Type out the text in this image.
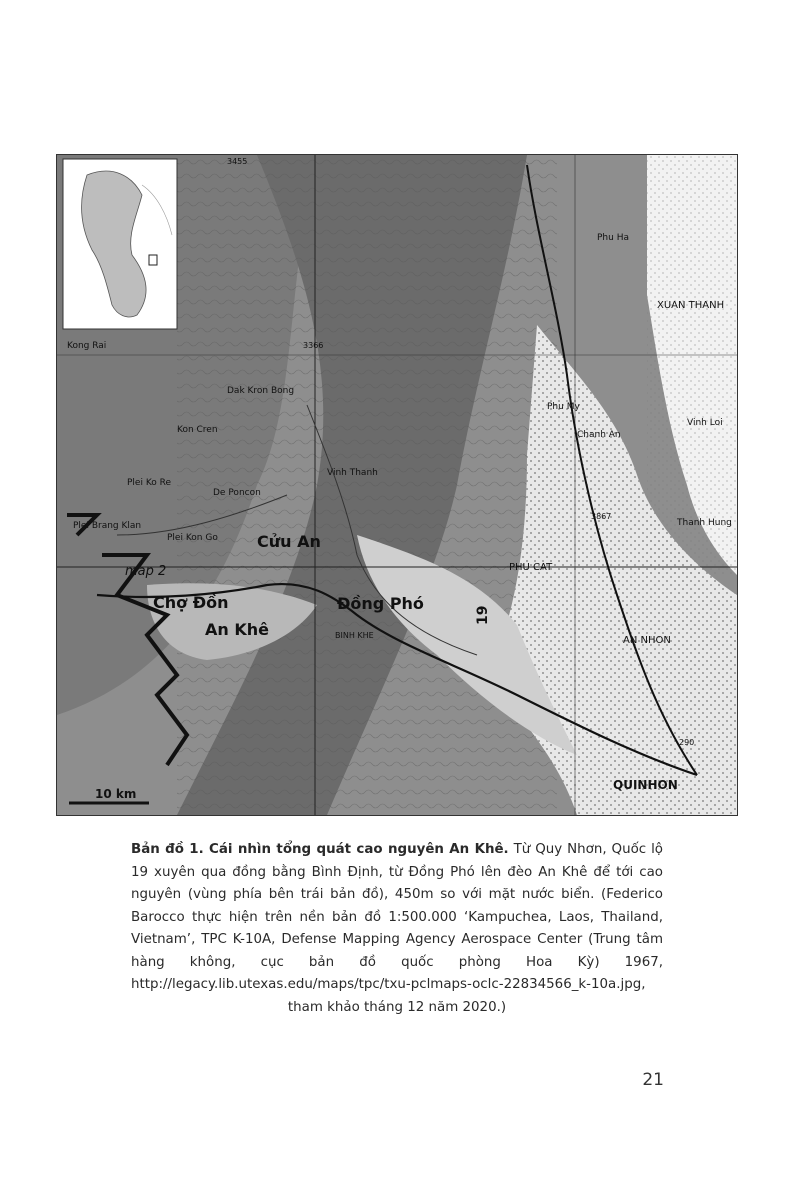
10 km
Cửu An
Đồng Phó
Chợ Đồn
An Khê
map 2
QUINHON
AN NHON
PHU CAT
XUAN THANH
BINH KHE
Kong Rai
Dak Kron Bong
Kon Cren
De Poncon
Plei Kon Go
Plei Brang Klan
Plei Ko Re
Vinh Thanh
Phu Ha
Phu My
Chanh An
Vinh Loi
Thanh Hung
19
3455
3366
3867
290
Bản đồ 1. Cái nhìn tổng quát cao nguyên An Khê. Từ Quy Nhơn, Quốc lộ 19 xuyên qua đồng bằng Bình Định, từ Đồng Phó lên đèo An Khê để tới cao nguyên (vùng phía bên trái bản đồ), 450m so với mặt nước biển. (Federico Barocco thực hiện trên nền bản đồ 1:500.000 ‘Kampuchea, Laos, Thailand, Vietnam’, TPC K-10A, Defense Mapping Agency Aerospace Center (Trung tâm hàng không, cục bản đồ quốc phòng Hoa Kỳ) 1967, http://legacy.lib.utexas.edu/maps/tpc/txu-pclmaps-oclc-22834566_k-10a.jpg, tham khảo tháng 12 năm 2020.)
21
